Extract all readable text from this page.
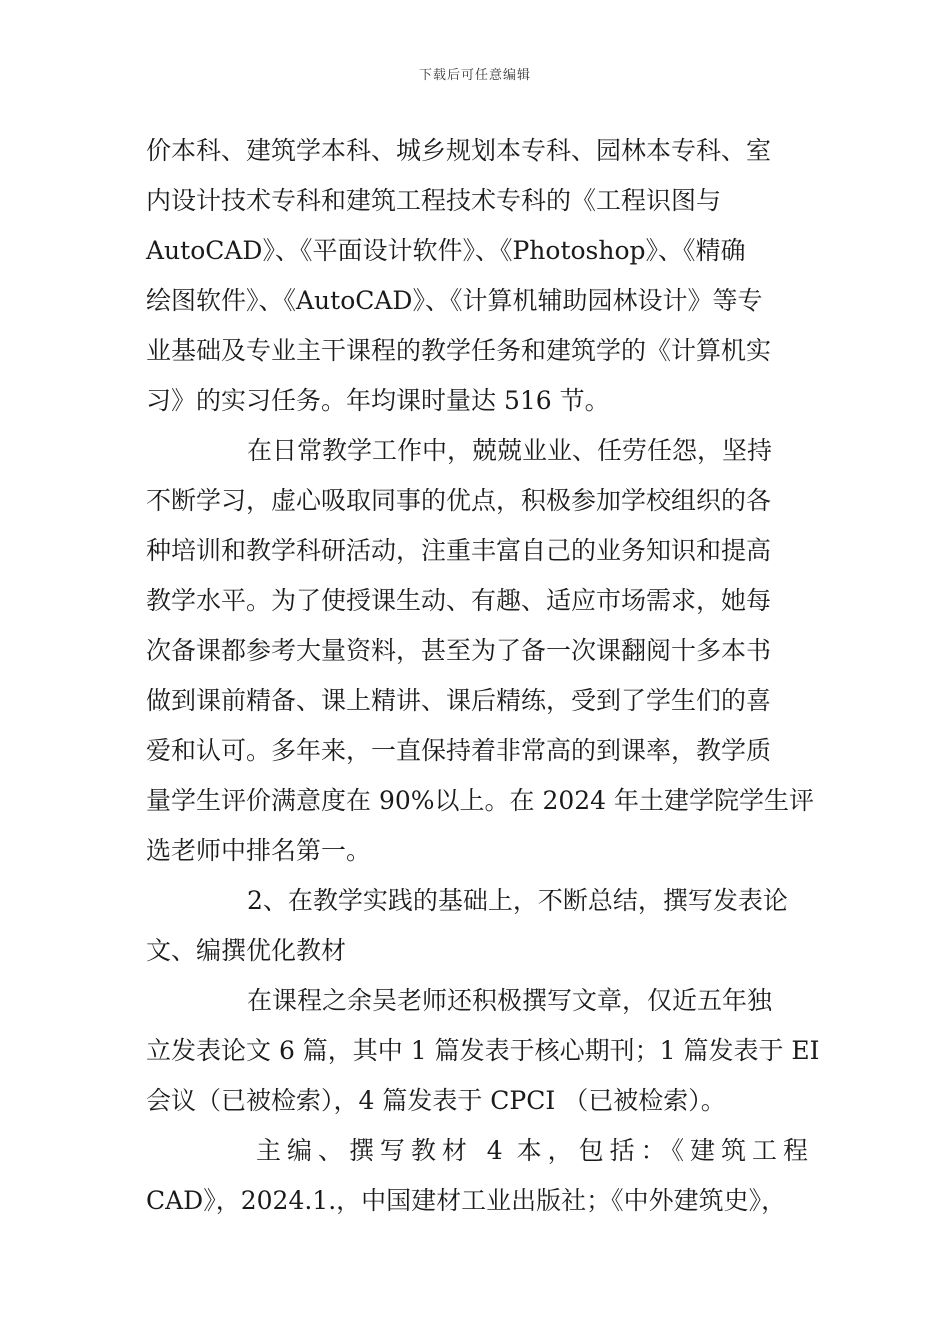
下载后可任意编辑
价本科、建筑学本科、城乡规划本专科、园林本专科、室
内设计技术专科和建筑工程技术专科的《工程识图与
AutoCAD》、《平面设计软件》、《Photoshop》、《精确
绘图软件》、《AutoCAD》、《计算机辅助园林设计》等专
业基础及专业主干课程的教学任务和建筑学的《计算机实
习》的实习任务。年均课时量达 516 节。
在日常教学工作中，兢兢业业、任劳任怨，坚持
不断学习，虚心吸取同事的优点，积极参加学校组织的各
种培训和教学科研活动，注重丰富自己的业务知识和提高
教学水平。为了使授课生动、有趣、适应市场需求，她每
次备课都参考大量资料，甚至为了备一次课翻阅十多本书
做到课前精备、课上精讲、课后精练，受到了学生们的喜
爱和认可。多年来，一直保持着非常高的到课率，教学质
量学生评价满意度在 90%以上。在 2024 年土建学院学生评
选老师中排名第一。
2、在教学实践的基础上，不断总结，撰写发表论
文、编撰优化教材
在课程之余吴老师还积极撰写文章，仅近五年独
立发表论文 6 篇，其中 1 篇发表于核心期刊；1 篇发表于 EI
会议（已被检索），4 篇发表于 CPCI （已被检索）。
主编、撰写教材 4 本，包括：《建筑工程
CAD》，2024.1.，中国建材工业出版社；《中外建筑史》，
